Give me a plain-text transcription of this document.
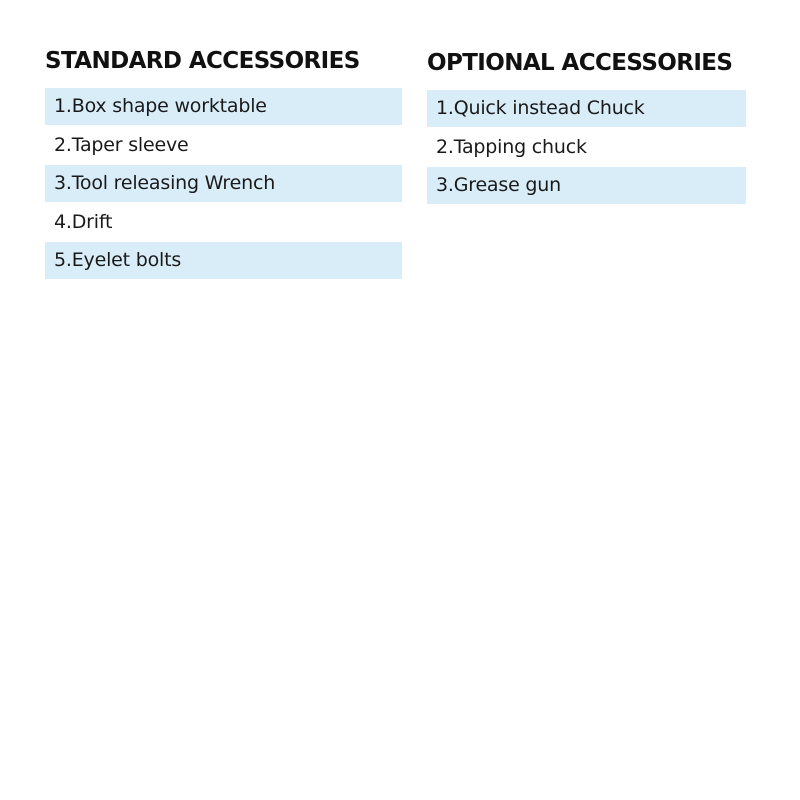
STANDARD ACCESSORIES
1.Box shape worktable
2.Taper sleeve
3.Tool releasing Wrench
4.Drift
5.Eyelet bolts
OPTIONAL ACCESSORIES
1.Quick instead Chuck
2.Tapping chuck
3.Grease gun
